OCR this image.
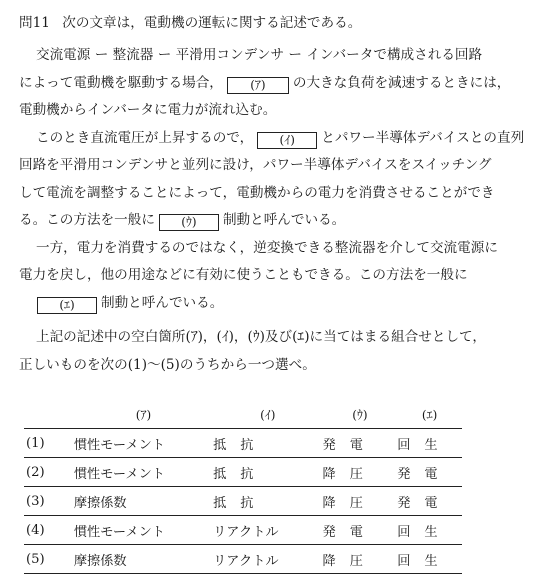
問11 次の文章は，電動機の運転に関する記述である。
交流電源 ー 整流器 ー 平滑用コンデンサ ー インバータで構成される回路
によって電動機を駆動する場合， (ｱ) の大きな負荷を減速するときには，
電動機からインバータに電力が流れ込む。
このとき直流電圧が上昇するので， (ｲ) とパワー半導体デバイスとの直列
回路を平滑用コンデンサと並列に設け，パワー半導体デバイスをスイッチング
して電流を調整することによって，電動機からの電力を消費させることができ
る。この方法を一般に (ｳ) 制動と呼んでいる。
一方，電力を消費するのではなく，逆変換できる整流器を介して交流電源に
電力を戻し，他の用途などに有効に使うこともできる。この方法を一般に
(ｴ) 制動と呼んでいる。
上記の記述中の空白箇所(ｱ)，(ｲ)，(ｳ)及び(ｴ)に当てはまる組合せとして，
正しいものを次の(1)～(5)のうちから一つ選べ。
	(ｱ)	(ｲ)	(ｳ)	(ｴ)
(1)	慣性モーメント	抵抗	発電	回生
(2)	慣性モーメント	抵抗	降圧	発電
(3)	摩擦係数	抵抗	降圧	発電
(4)	慣性モーメント	リアクトル	発電	回生
(5)	摩擦係数	リアクトル	降圧	回生
